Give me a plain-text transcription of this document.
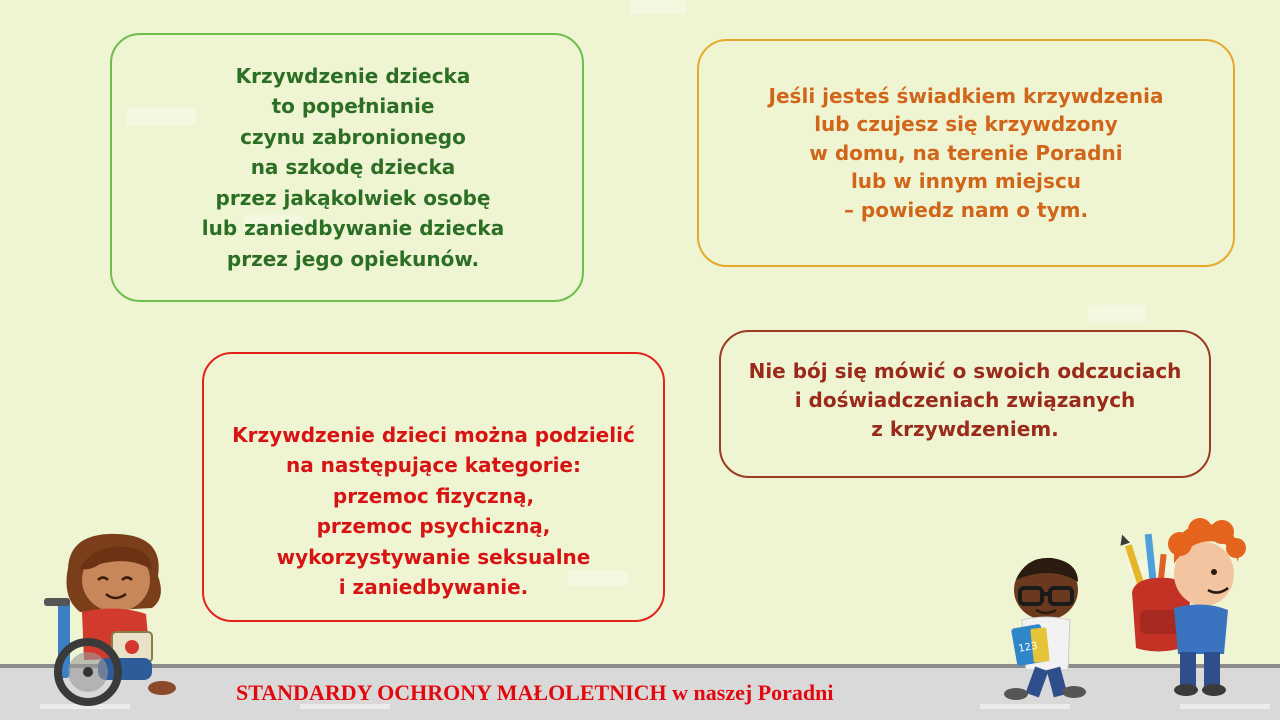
Krzywdzenie dziecka
to popełnianie
czynu zabronionego
na szkodę dziecka
przez jakąkolwiek osobę
lub zaniedbywanie dziecka
przez jego opiekunów.
Jeśli jesteś świadkiem krzywdzenia
lub czujesz się krzywdzony
w domu, na terenie Poradni
lub w innym miejscu
– powiedz nam o tym.
Krzywdzenie dzieci można podzielić
na następujące kategorie:
przemoc fizyczną,
przemoc psychiczną,
wykorzystywanie seksualne
i zaniedbywanie.
Nie bój się mówić o swoich odczuciach
i doświadczeniach związanych
z krzywdzeniem.
STANDARDY OCHRONY MAŁOLETNICH w naszej Poradni
123
